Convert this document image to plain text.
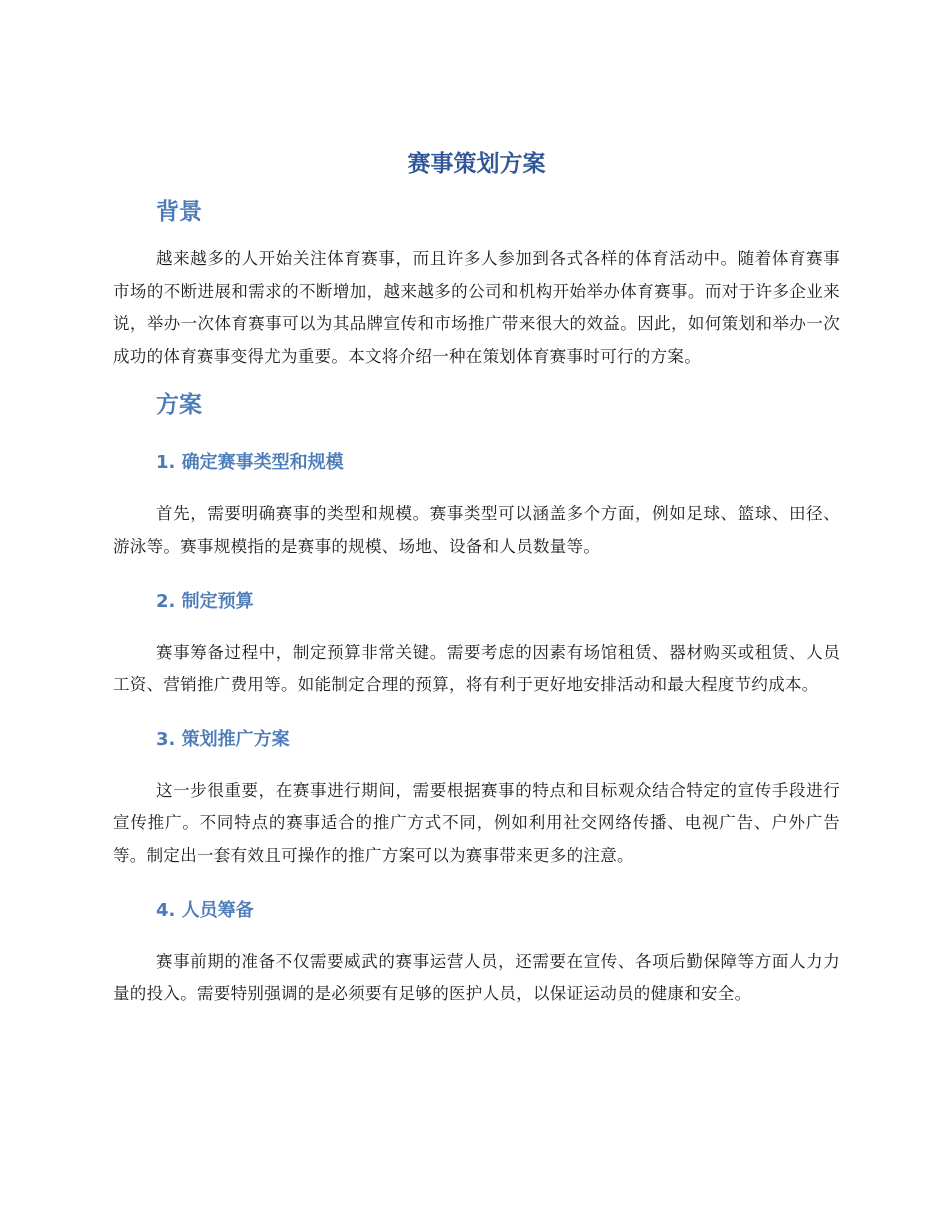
赛事策划方案
背景

越来越多的人开始关注体育赛事，而且许多人参加到各式各样的体育活动中。随着体育赛事市场的不断进展和需求的不断增加，越来越多的公司和机构开始举办体育赛事。而对于许多企业来说，举办一次体育赛事可以为其品牌宣传和市场推广带来很大的效益。因此，如何策划和举办一次成功的体育赛事变得尤为重要。本文将介绍一种在策划体育赛事时可行的方案。

方案
1. 确定赛事类型和规模

首先，需要明确赛事的类型和规模。赛事类型可以涵盖多个方面，例如足球、篮球、田径、游泳等。赛事规模指的是赛事的规模、场地、设备和人员数量等。

2. 制定预算

赛事筹备过程中，制定预算非常关键。需要考虑的因素有场馆租赁、器材购买或租赁、人员工资、营销推广费用等。如能制定合理的预算，将有利于更好地安排活动和最大程度节约成本。

3. 策划推广方案

这一步很重要，在赛事进行期间，需要根据赛事的特点和目标观众结合特定的宣传手段进行宣传推广。不同特点的赛事适合的推广方式不同，例如利用社交网络传播、电视广告、户外广告等。制定出一套有效且可操作的推广方案可以为赛事带来更多的注意。

4. 人员筹备

赛事前期的准备不仅需要威武的赛事运营人员，还需要在宣传、各项后勤保障等方面人力力量的投入。需要特别强调的是必须要有足够的医护人员，以保证运动员的健康和安全。
